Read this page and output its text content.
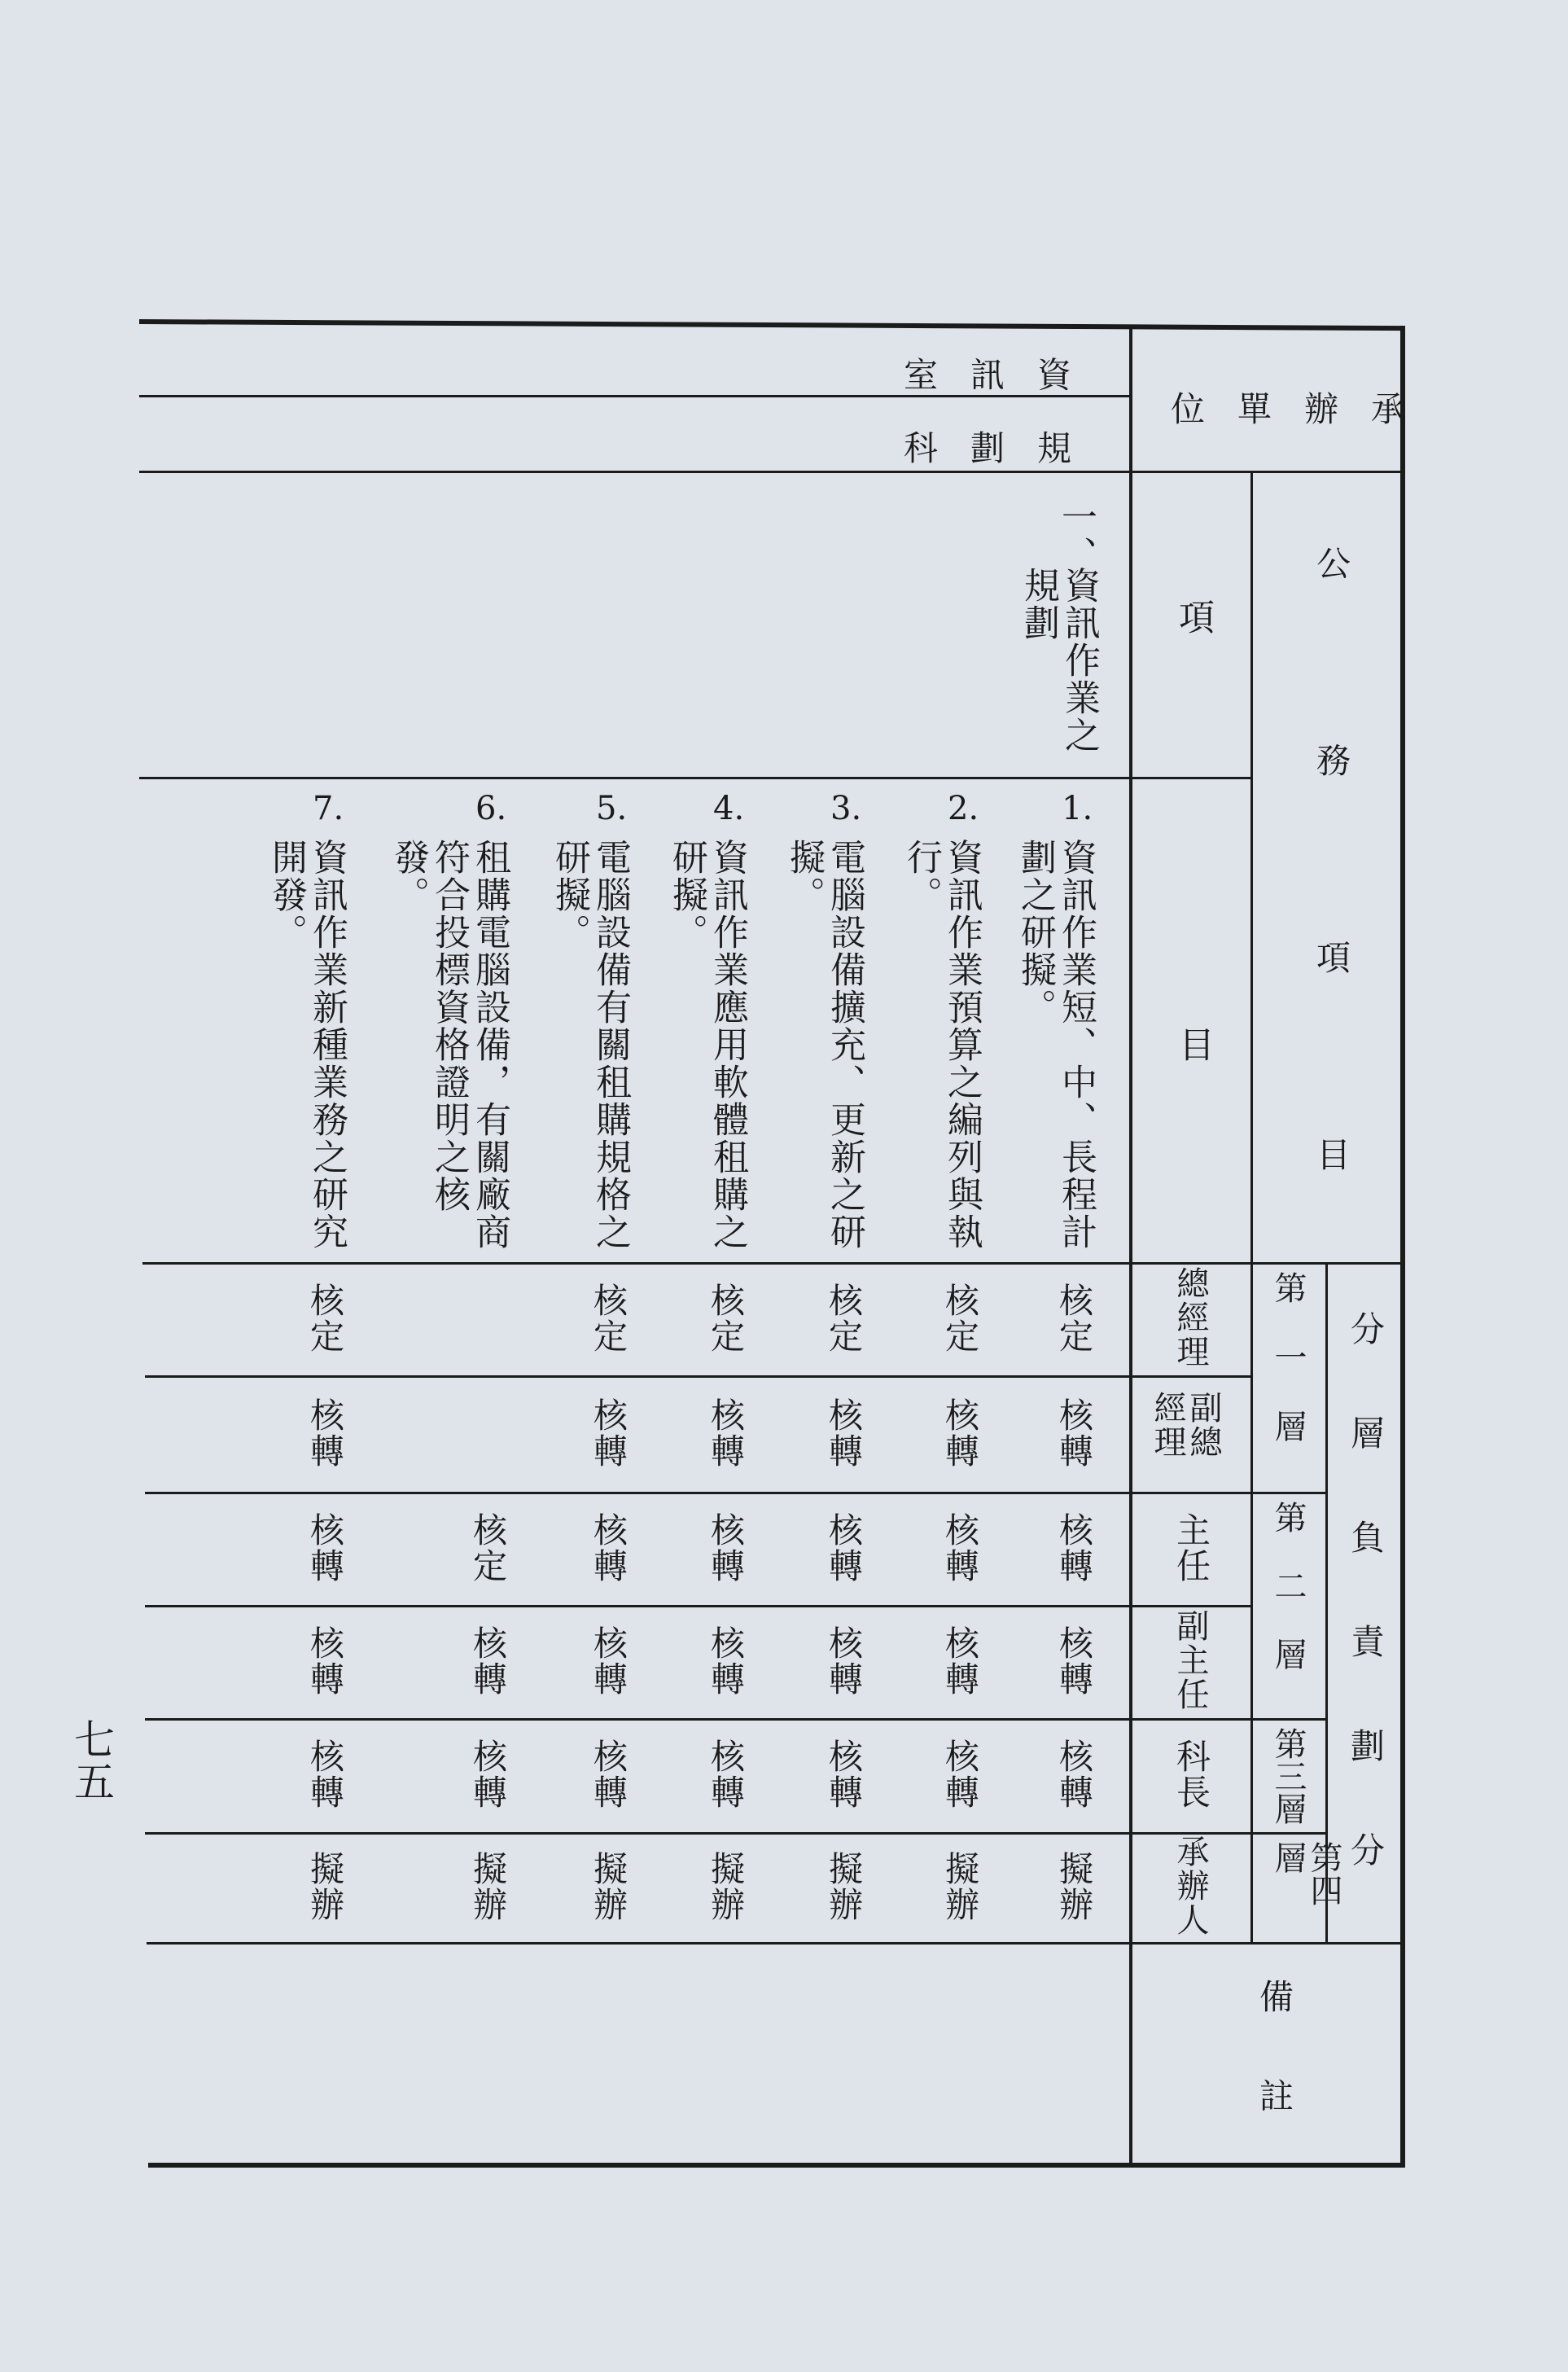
承辦單位
資訊室
規劃科
公務項目
項
目
一、
資訊作業之規劃
1.
資訊作業短、中、長程計劃之研擬。
2.
資訊作業預算之編列與執行。
3.
電腦設備擴充、更新之研擬。
4.
資訊作業應用軟體租購之研擬。
5.
電腦設備有關租購規格之研擬。
6.
租購電腦設備，有關廠商符合投標資格證明之核發。
7.
資訊作業新種業務之研究開發。
核定
核定
核定
核定
核定
核定
核轉
核轉
核轉
核轉
核轉
核轉
核轉
核轉
核轉
核轉
核轉
核定
核轉
核轉
核轉
核轉
核轉
核轉
核轉
核轉
核轉
核轉
核轉
核轉
核轉
核轉
核轉
擬辦
擬辦
擬辦
擬辦
擬辦
擬辦
擬辦
總經理
副總經理
主任
副主任
科長
承辦人
第一層
第二層
第三層
第四層	分層負責劃分
備註
七五
